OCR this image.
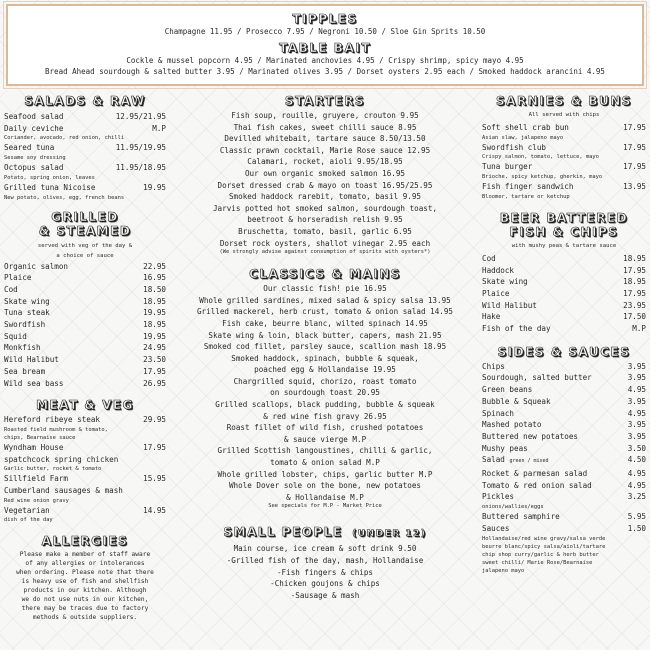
TIPPLES
Champagne 11.95 / Prosecco 7.95 / Negroni 10.50 / Sloe Gin Sprits 10.50
TABLE BAIT
Cockle & mussel popcorn 4.95 / Marinated anchovies 4.95 / Crispy shrimp, spicy mayo 4.95
Bread Ahead sourdough & salted butter 3.95 / Marinated olives 3.95 / Dorset oysters 2.95 each / Smoked haddock arancini 4.95
SALADS & RAW
Seafood salad	12.95/21.95
Daily ceviche	M.P
Coriander, avocado, red onion, chilli
Seared tuna	11.95/19.95
Sesame soy dressing
Octopus salad	11.95/18.95
Potato, spring onion, leaves
Grilled tuna Nicoise	19.95
New potato, olives, egg, french beans
GRILLED
& STEAMED
served with veg of the day &
a choice of sauce
Organic salmon	22.95
Plaice	16.95
Cod	18.50
Skate wing	18.95
Tuna steak	19.95
Swordfish	18.95
Squid	19.95
Monkfish	24.95
Wild Halibut	23.50
Sea bream	17.95
Wild sea bass	26.95
MEAT & VEG
Hereford ribeye steak	29.95
Roasted field mushroom & tomato,
chips, Bearnaise sauce
Wyndham House	17.95
spatchcock spring chicken
Garlic butter, rocket & tomato
Sillfield Farm	15.95
Cumberland sausages & mash
Red wine onion gravy
Vegetarian	14.95
dish of the day
ALLERGIES
Please make a member of staff aware
of any allergies or intolerances
when ordering. Please note that there
is heavy use of fish and shellfish
products in our kitchen. Although
we do not use nuts in our kitchen,
there may be traces due to factory
methods & outside suppliers.
STARTERS
Fish soup, rouille, gruyere, crouton 9.95
Thai fish cakes, sweet chilli sauce 8.95
Devilled whitebait, tartare sauce 8.50/13.50
Classic prawn cocktail, Marie Rose sauce 12.95
Calamari, rocket, aioli 9.95/18.95
Our own organic smoked salmon 16.95
Dorset dressed crab & mayo on toast 16.95/25.95
Smoked haddock rarebit, tomato, basil 9.95
Jarvis potted hot smoked salmon, sourdough toast,
beetroot & horseradish relish 9.95
Bruschetta, tomato, basil, garlic 6.95
Dorset rock oysters, shallot vinegar 2.95 each
(We strongly advise against consumption of spirits with oysters*)
CLASSICS & MAINS
Our classic fish! pie 16.95
Whole grilled sardines, mixed salad & spicy salsa 13.95
Grilled mackerel, herb crust, tomato & onion salad 14.95
Fish cake, beurre blanc, wilted spinach 14.95
Skate wing & loin, black butter, capers, mash 21.95
Smoked cod fillet, parsley sauce, scallion mash 18.95
Smoked haddock, spinach, bubble & squeak,
poached egg & Hollandaise 19.95
Chargrilled squid, chorizo, roast tomato
on sourdough toast 20.95
Grilled scallops, black pudding, bubble & squeak
& red wine fish gravy 26.95
Roast fillet of wild fish, crushed potatoes
& sauce vierge M.P
Grilled Scottish langoustines, chilli & garlic,
tomato & onion salad M.P
Whole grilled lobster, chips, garlic butter M.P
Whole Dover sole on the bone, new potatoes
& Hollandaise M.P
See specials for M.P - Market Price
SMALL PEOPLE (UNDER 12)
Main course, ice cream & soft drink 9.50
-Grilled fish of the day, mash, Hollandaise
-Fish fingers & chips
-Chicken goujons & chips
-Sausage & mash
SARNIES & BUNS
All served with chips
Soft shell crab bun	17.95
Asian slaw, jalapeno mayo
Swordfish club	17.95
Crispy salmon, tomato, lettuce, mayo
Tuna burger	17.95
Brioche, spicy ketchup, gherkin, mayo
Fish finger sandwich	13.95
Bloomer, tartare or ketchup
BEER BATTERED
FISH & CHIPS
with mushy peas & tartare sauce
Cod	18.95
Haddock	17.95
Skate wing	18.95
Plaice	17.95
Wild Halibut	23.95
Hake	17.50
Fish of the day	M.P
SIDES & SAUCES
Chips	3.95
Sourdough, salted butter	3.95
Green beans	4.95
Bubble & Squeak	3.95
Spinach	4.95
Mashed potato	3.95
Buttered new potatoes	3.95
Mushy peas	3.50
Salad green / mixed	4.50
Rocket & parmesan salad	4.95
Tomato & red onion salad	4.95
Pickles	3.25
onions/wallies/eggs
Buttered samphire	5.95
Sauces	1.50
Hollandaise/red wine gravy/salsa verde
beurre blanc/spicy salsa/aioli/tartare
chip shop curry/garlic & herb butter
sweet chilli/ Marie Rose/Bearnaise
jalapeno mayo
